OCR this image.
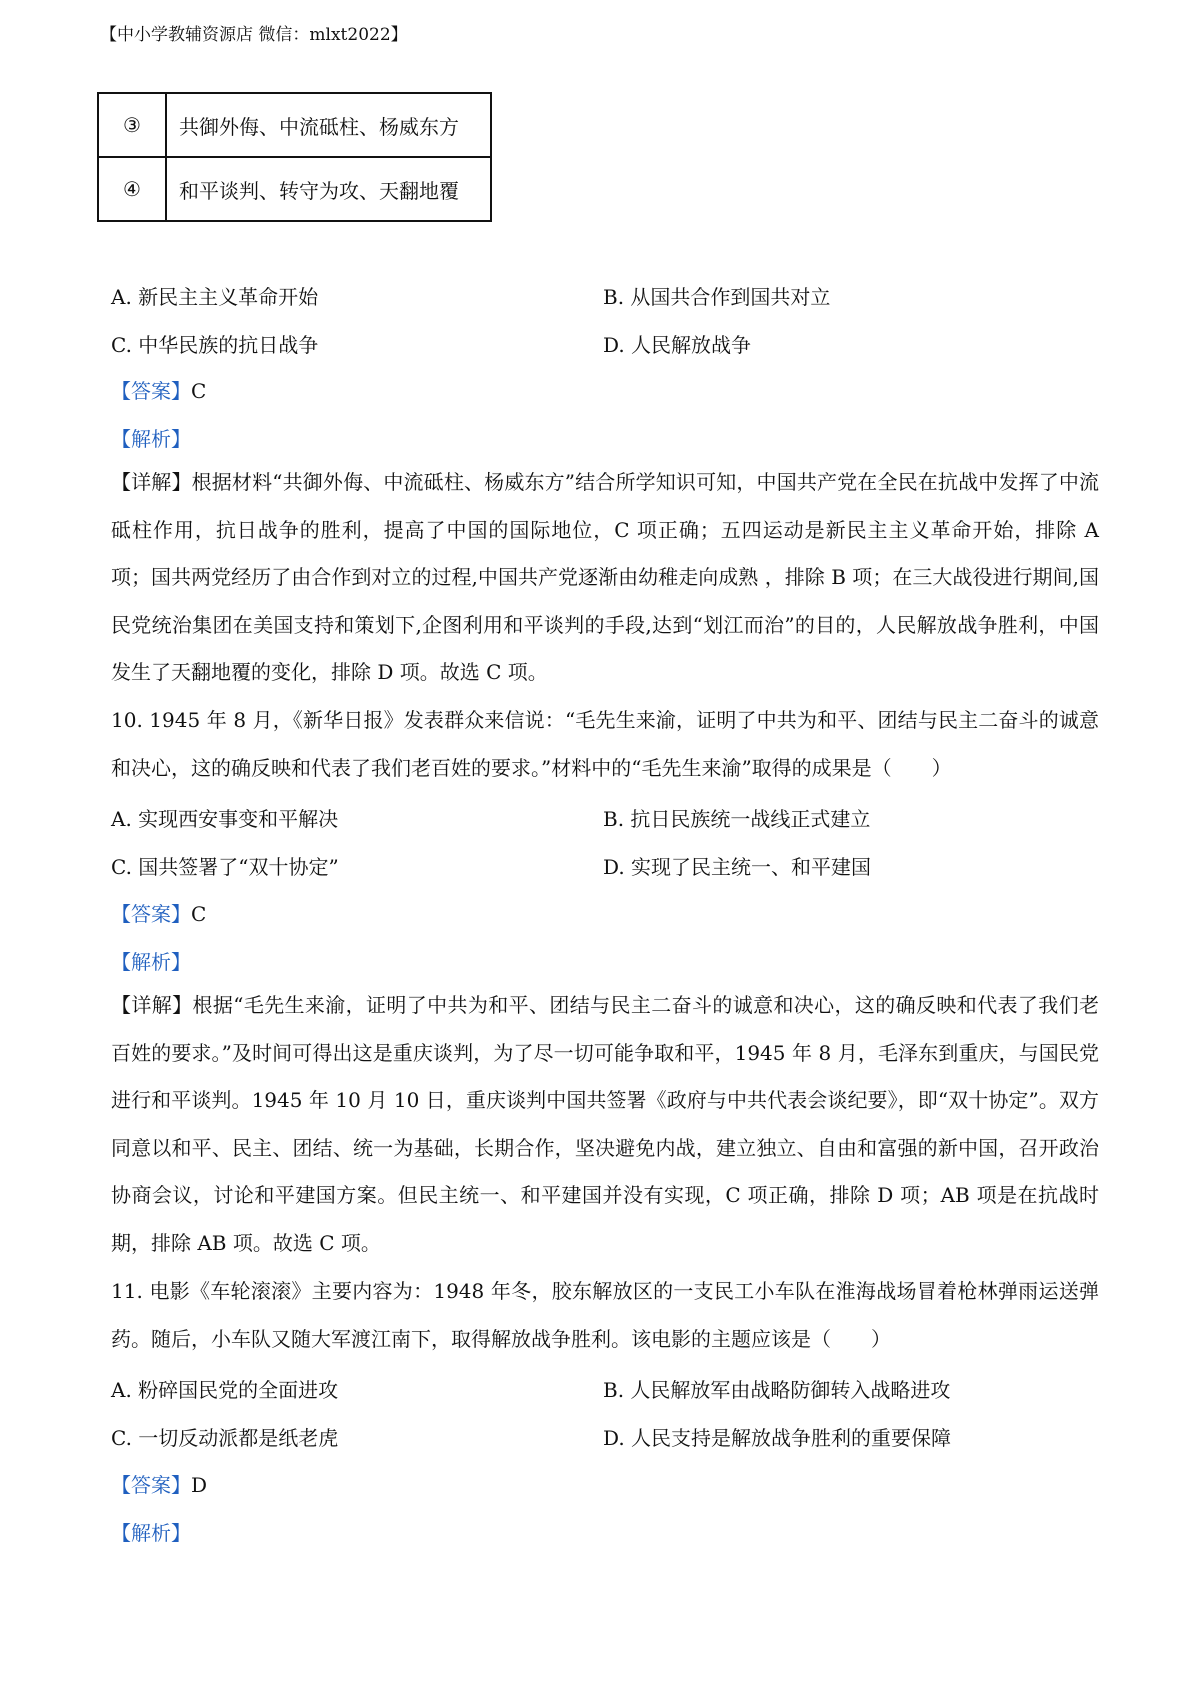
【中小学教辅资源店 微信：mlxt2022】
③	共御外侮、中流砥柱、杨威东方
④	和平谈判、转守为攻、天翻地覆
A. 新民主主义革命开始	B. 从国共合作到国共对立
C. 中华民族的抗日战争	D. 人民解放战争
【答案】C
【解析】
【详解】根据材料“共御外侮、中流砥柱、杨威东方”结合所学知识可知，中国共产党在全民在抗战中发挥了中流砥柱作用，抗日战争的胜利，提高了中国的国际地位，C 项正确；五四运动是新民主主义革命开始，排除 A 项；国共两党经历了由合作到对立的过程,中国共产党逐渐由幼稚走向成熟 ，排除 B 项；在三大战役进行期间,国民党统治集团在美国支持和策划下,企图利用和平谈判的手段,达到“划江而治”的目的，人民解放战争胜利，中国发生了天翻地覆的变化，排除 D 项。故选 C 项。
10. 1945 年 8 月，《新华日报》发表群众来信说：“毛先生来渝，证明了中共为和平、团结与民主二奋斗的诚意和决心，这的确反映和代表了我们老百姓的要求。”材料中的“毛先生来渝”取得的成果是（　　）
A. 实现西安事变和平解决	B. 抗日民族统一战线正式建立
C. 国共签署了“双十协定”	D. 实现了民主统一、和平建国
【答案】C
【解析】
【详解】根据“毛先生来渝，证明了中共为和平、团结与民主二奋斗的诚意和决心，这的确反映和代表了我们老百姓的要求。”及时间可得出这是重庆谈判，为了尽一切可能争取和平，1945 年 8 月，毛泽东到重庆，与国民党进行和平谈判。1945 年 10 月 10 日，重庆谈判中国共签署《政府与中共代表会谈纪要》，即“双十协定”。双方同意以和平、民主、团结、统一为基础，长期合作，坚决避免内战，建立独立、自由和富强的新中国，召开政治协商会议，讨论和平建国方案。但民主统一、和平建国并没有实现，C 项正确，排除 D 项；AB 项是在抗战时期，排除 AB 项。故选 C 项。
11. 电影《车轮滚滚》主要内容为：1948 年冬，胶东解放区的一支民工小车队在淮海战场冒着枪林弹雨运送弹药。随后，小车队又随大军渡江南下，取得解放战争胜利。该电影的主题应该是（　　）
A. 粉碎国民党的全面进攻	B. 人民解放军由战略防御转入战略进攻
C. 一切反动派都是纸老虎	D. 人民支持是解放战争胜利的重要保障
【答案】D
【解析】
